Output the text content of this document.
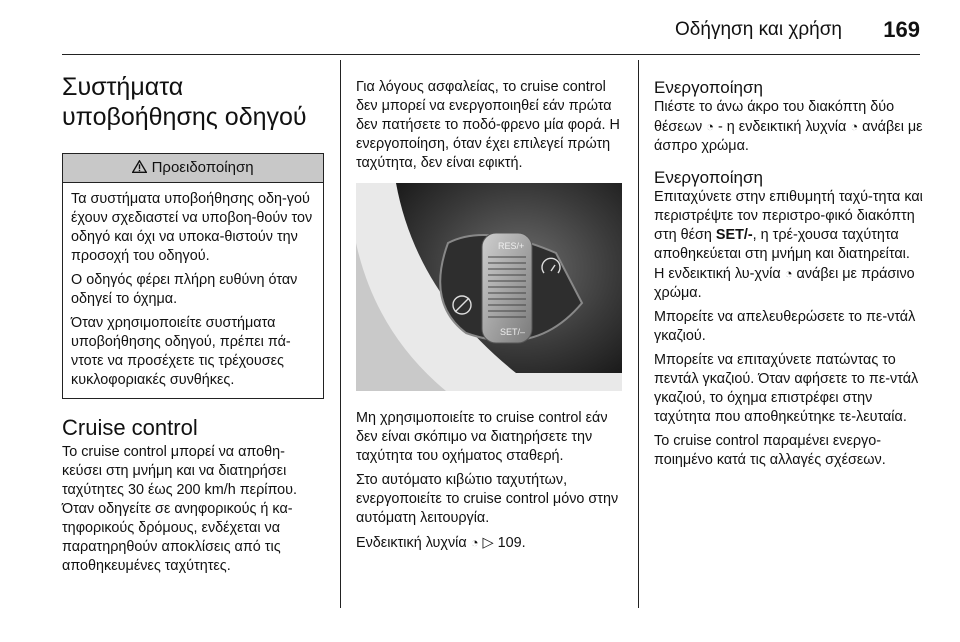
Οδήγηση και χρήση 169
Συστήματα υποβοήθησης οδηγού
Προειδοποίηση

Τα συστήματα υποβοήθησης οδη-γού έχουν σχεδιαστεί να υποβοη-θούν τον οδηγό και όχι να υποκα-θιστούν την προσοχή του οδηγού.

Ο οδηγός φέρει πλήρη ευθύνη όταν οδηγεί το όχημα.

Όταν χρησιμοποιείτε συστήματα υποβοήθησης οδηγού, πρέπει πά-ντοτε να προσέχετε τις τρέχουσες κυκλοφοριακές συνθήκες.

Cruise control

Το cruise control μπορεί να αποθη-κεύσει στη μνήμη και να διατηρήσει ταχύτητες 30 έως 200 km/h περίπου. Όταν οδηγείτε σε ανηφορικούς ή κα-τηφορικούς δρόμους, ενδέχεται να παρατηρηθούν αποκλίσεις από τις αποθηκευμένες ταχύτητες.

Για λόγους ασφαλείας, το cruise control δεν μπορεί να ενεργοποιηθεί εάν πρώτα δεν πατήσετε το ποδό-φρενο μία φορά. Η ενεργοποίηση, όταν έχει επιλεγεί πρώτη ταχύτητα, δεν είναι εφικτή.

RES/+
SET/–

Μη χρησιμοποιείτε το cruise control εάν δεν είναι σκόπιμο να διατηρήσετε την ταχύτητα του οχήματος σταθερή.

Στο αυτόματο κιβώτιο ταχυτήτων, ενεργοποιείτε το cruise control μόνο στην αυτόματη λειτουργία.

Ενδεικτική λυχνία ◔ ▷ 109.

Ενεργοποίηση

Πιέστε το άνω άκρο του διακόπτη δύο θέσεων ◔ - η ενδεικτική λυχνία ◔ ανάβει με άσπρο χρώμα.

Ενεργοποίηση

Επιταχύνετε στην επιθυμητή ταχύ-τητα και περιστρέψτε τον περιστρο-φικό διακόπτη στη θέση SET/-, η τρέ-χουσα ταχύτητα αποθηκεύεται στη μνήμη και διατηρείται. Η ενδεικτική λυ-χνία ◔ ανάβει με πράσινο χρώμα.

Μπορείτε να απελευθερώσετε το πε-ντάλ γκαζιού.

Μπορείτε να επιταχύνετε πατώντας το πεντάλ γκαζιού. Όταν αφήσετε το πε-ντάλ γκαζιού, το όχημα επιστρέφει στην ταχύτητα που αποθηκεύτηκε τε-λευταία.

Το cruise control παραμένει ενεργο-ποιημένο κατά τις αλλαγές σχέσεων.
